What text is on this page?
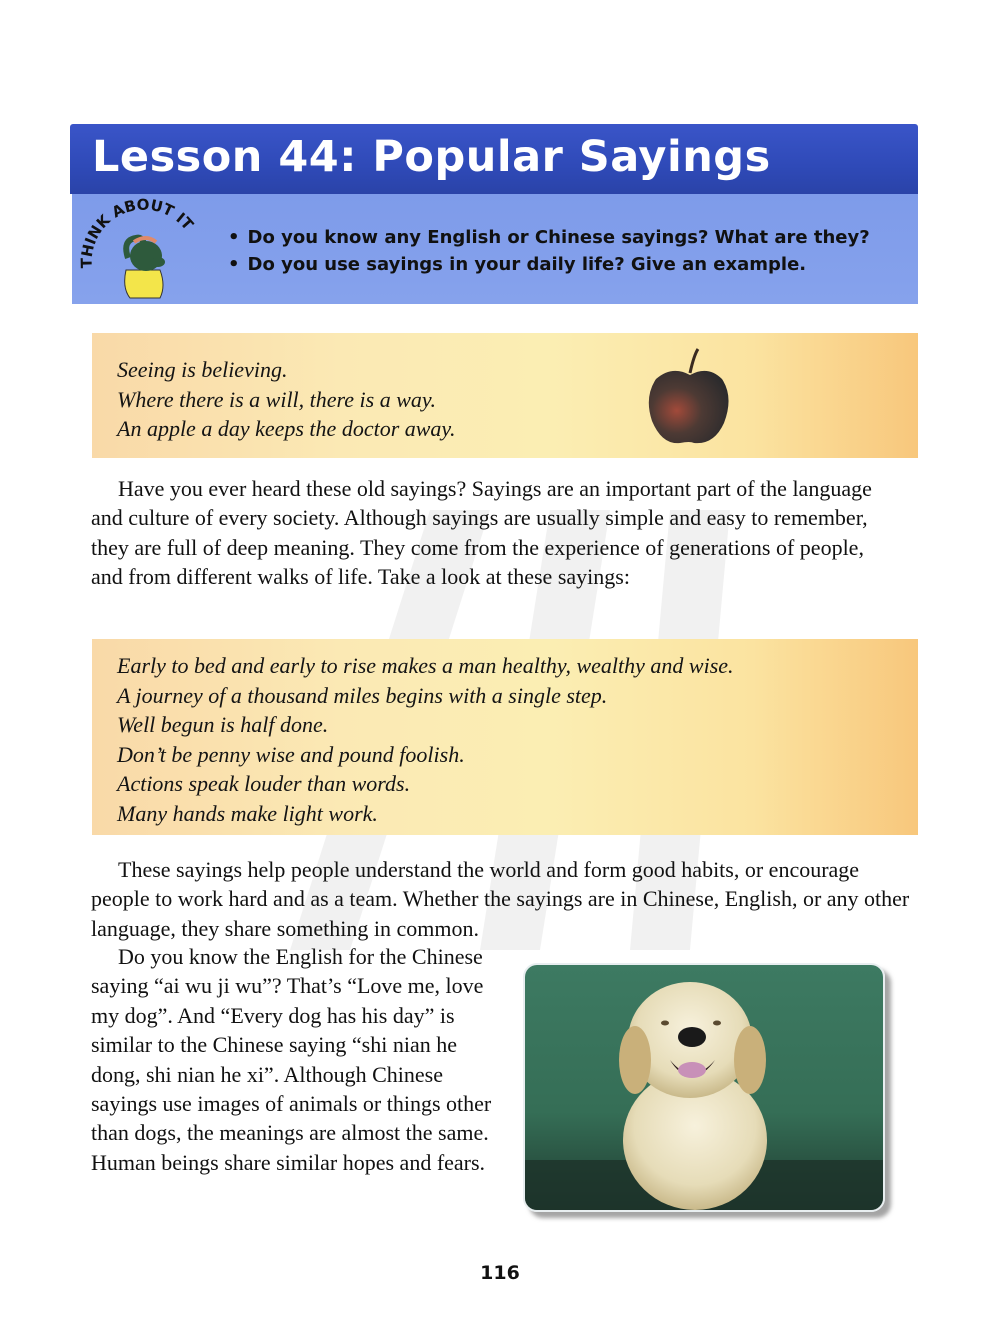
Lesson 44: Popular Sayings
THINK ABOUT IT
• Do you know any English or Chinese sayings? What are they?
• Do you use sayings in your daily life? Give an example.
Seeing is believing.
Where there is a will, there is a way.
An apple a day keeps the doctor away.

Have you ever heard these old sayings? Sayings are an important part of the language and culture of every society. Although sayings are usually simple and easy to remember, they are full of deep meaning. They come from the experience of generations of people, and from different walks of life. Take a look at these sayings:

Early to bed and early to rise makes a man healthy, wealthy and wise.
A journey of a thousand miles begins with a single step.
Well begun is half done.
Don’t be penny wise and pound foolish.
Actions speak louder than words.
Many hands make light work.

These sayings help people understand the world and form good habits, or encourage people to work hard and as a team. Whether the sayings are in Chinese, English, or any other language, they share something in common.

Do you know the English for the Chinese saying “ai wu ji wu”? That’s “Love me, love my dog”. And “Every dog has his day” is similar to the Chinese saying “shi nian he dong, shi nian he xi”. Although Chinese sayings use images of animals or things other than dogs, the meanings are almost the same. Human beings share similar hopes and fears.

116
